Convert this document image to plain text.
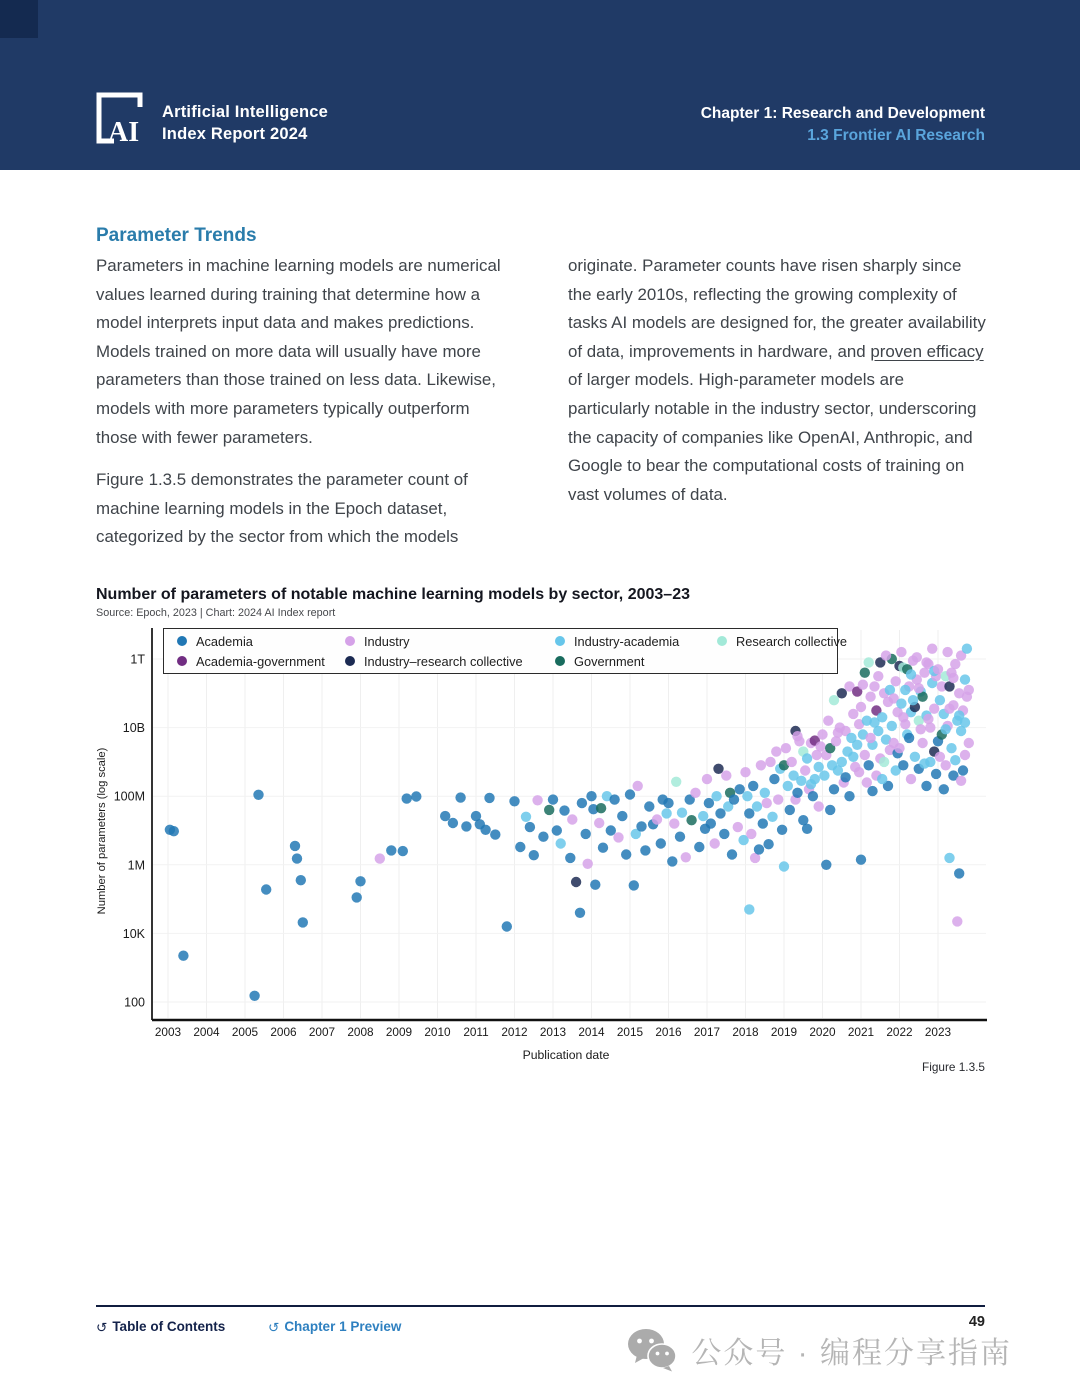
AI
Artificial Intelligence
Index Report 2024
Chapter 1: Research and Development
1.3 Frontier AI Research
Parameter Trends

Parameters in machine learning models are numerical values learned during training that determine how a model interprets input data and makes predictions. Models trained on more data will usually have more parameters than those trained on less data. Likewise, models with more parameters typically outperform those with fewer parameters.

Figure 1.3.5 demonstrates the parameter count of machine learning models in the Epoch dataset, categorized by the sector from which the models

originate. Parameter counts have risen sharply since the early 2010s, reflecting the growing complexity of tasks AI models are designed for, the greater availability of data, improvements in hardware, and proven efficacy of larger models. High-parameter models are particularly notable in the industry sector, underscoring the capacity of companies like OpenAI, Anthropic, and Google to bear the computational costs of training on vast volumes of data.

Number of parameters of notable machine learning models by sector, 2003–23
Source: Epoch, 2023 | Chart: 2024 AI Index report
1T
10B
100M
1M
10K
100
2003 2004 2005 2006 2007 2008 2009 2010 2011 2012 2013 2014 2015 2016 2017 2018 2019 2020 2021 2022 2023
Number of parameters (log scale)
Publication date
Academia	Industry	Industry-academia	Research collective
Academia-government	Industry–research collective	Government
Figure 1.3.5
↺ Table of Contents	↺ Chapter 1 Preview	49
公众号 · 编程分享指南
